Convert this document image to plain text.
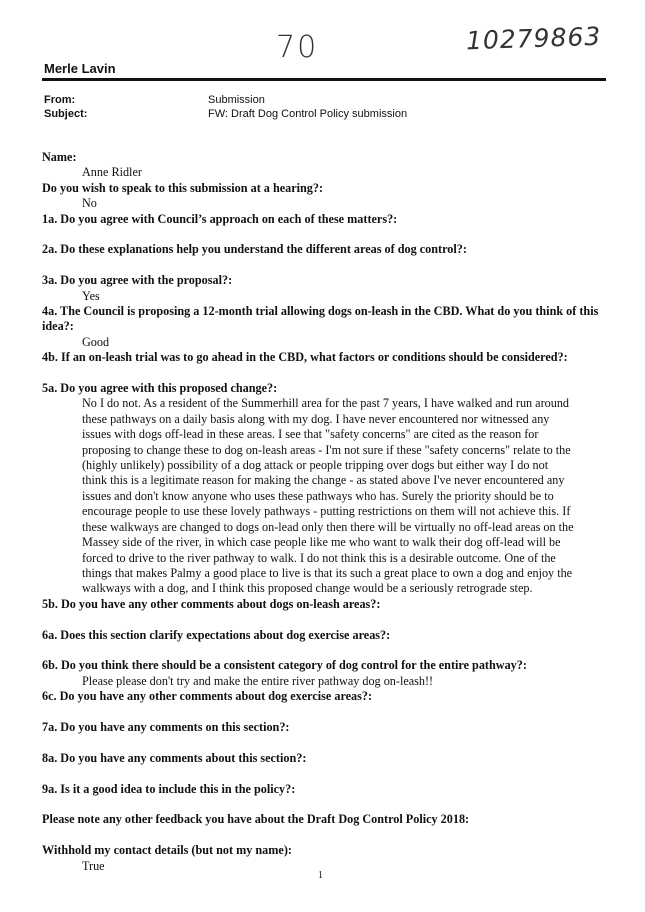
70	10279863
Merle Lavin
From:	Submission
Subject:	FW: Draft Dog Control Policy submission
Name:
Anne Ridler
Do you wish to speak to this submission at a hearing?:
No
1a. Do you agree with Council’s approach on each of these matters?:
2a. Do these explanations help you understand the different areas of dog control?:
3a. Do you agree with the proposal?:
Yes
4a. The Council is proposing a 12-month trial allowing dogs on-leash in the CBD. What do you think of this idea?:
Good
4b. If an on-leash trial was to go ahead in the CBD, what factors or conditions should be considered?:
5a. Do you agree with this proposed change?:
No I do not. As a resident of the Summerhill area for the past 7 years, I have walked and run around
these pathways on a daily basis along with my dog. I have never encountered nor witnessed any
issues with dogs off-lead in these areas. I see that "safety concerns" are cited as the reason for
proposing to change these to dog on-leash areas - I'm not sure if these "safety concerns" relate to the
(highly unlikely) possibility of a dog attack or people tripping over dogs but either way I do not
think this is a legitimate reason for making the change - as stated above I've never encountered any
issues and don't know anyone who uses these pathways who has. Surely the priority should be to
encourage people to use these lovely pathways - putting restrictions on them will not achieve this. If
these walkways are changed to dogs on-lead only then there will be virtually no off-lead areas on the
Massey side of the river, in which case people like me who want to walk their dog off-lead will be
forced to drive to the river pathway to walk. I do not think this is a desirable outcome. One of the
things that makes Palmy a good place to live is that its such a great place to own a dog and enjoy the
walkways with a dog, and I think this proposed change would be a seriously retrograde step.
5b. Do you have any other comments about dogs on-leash areas?:
6a. Does this section clarify expectations about dog exercise areas?:
6b. Do you think there should be a consistent category of dog control for the entire pathway?:
Please please don't try and make the entire river pathway dog on-leash!!
6c. Do you have any other comments about dog exercise areas?:
7a. Do you have any comments on this section?:
8a. Do you have any comments about this section?:
9a. Is it a good idea to include this in the policy?:
Please note any other feedback you have about the Draft Dog Control Policy 2018:
Withhold my contact details (but not my name):
True
1
